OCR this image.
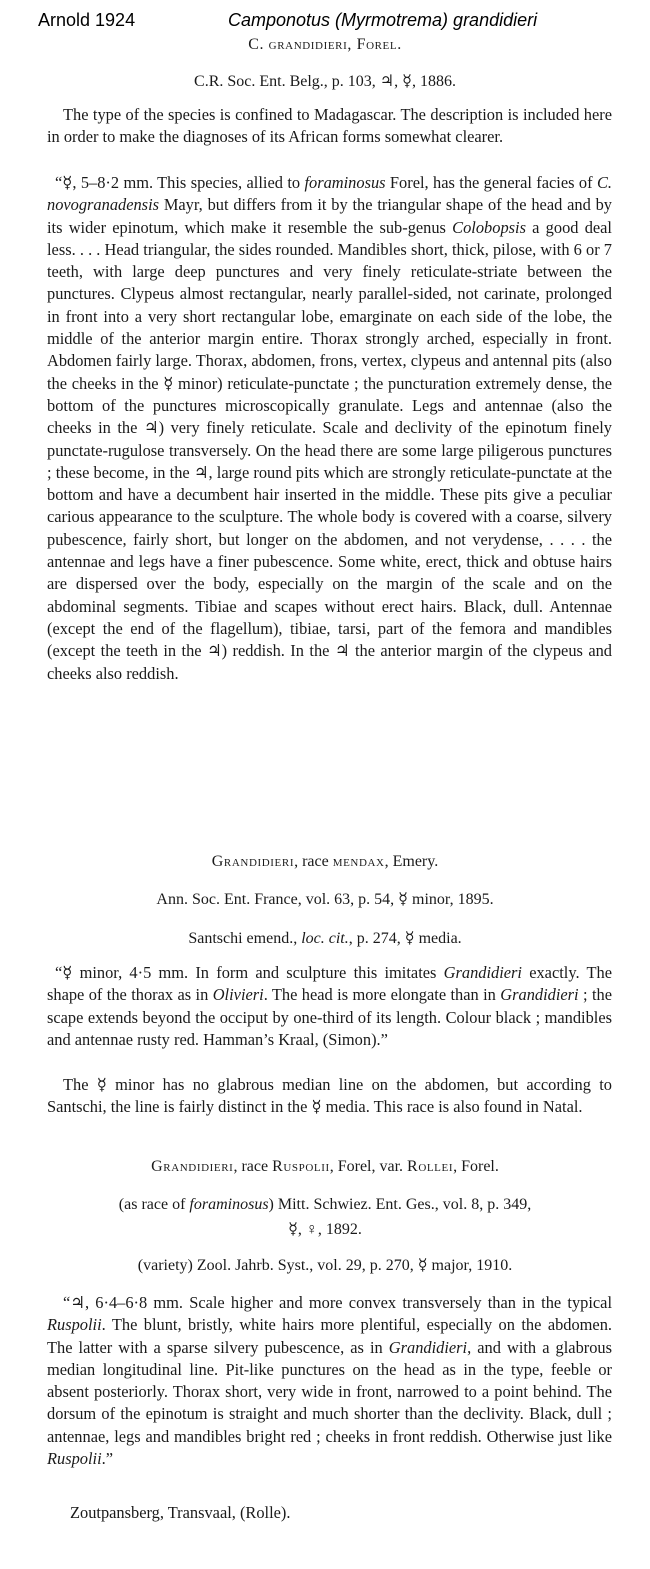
Arnold 1924	Camponotus (Myrmotrema) grandidieri
C. grandidieri, Forel.
C.R. Soc. Ent. Belg., p. 103, ♃, ☿, 1886.
The type of the species is confined to Madagascar. The description is included here in order to make the diagnoses of its African forms somewhat clearer.
“☿, 5–8·2 mm. This species, allied to foraminosus Forel, has the general facies of C. novogranadensis Mayr, but differs from it by the triangular shape of the head and by its wider epinotum, which make it resemble the sub-genus Colobopsis a good deal less. . . . Head triangular, the sides rounded. Mandibles short, thick, pilose, with 6 or 7 teeth, with large deep punctures and very finely reticulate-striate between the punctures. Clypeus almost rectangular, nearly parallel-sided, not carinate, prolonged in front into a very short rectangular lobe, emarginate on each side of the lobe, the middle of the anterior margin entire. Thorax strongly arched, especially in front. Abdomen fairly large. Thorax, abdomen, frons, vertex, clypeus and antennal pits (also the cheeks in the ☿ minor) reticulate-punctate ; the puncturation extremely dense, the bottom of the punctures microscopically granulate. Legs and antennae (also the cheeks in the ♃) very finely reticulate. Scale and declivity of the epinotum finely punctate-rugulose transversely. On the head there are some large piligerous punctures ; these become, in the ♃, large round pits which are strongly reticulate-punctate at the bottom and have a decumbent hair inserted in the middle. These pits give a peculiar carious appearance to the sculpture. The whole body is covered with a coarse, silvery pubescence, fairly short, but longer on the abdomen, and not verydense, . . . . the antennae and legs have a finer pubescence. Some white, erect, thick and obtuse hairs are dispersed over the body, especially on the margin of the scale and on the abdominal segments. Tibiae and scapes without erect hairs. Black, dull. Antennae (except the end of the flagellum), tibiae, tarsi, part of the femora and mandibles (except the teeth in the ♃) reddish. In the ♃ the anterior margin of the clypeus and cheeks also reddish.
Grandidieri, race mendax, Emery.
Ann. Soc. Ent. France, vol. 63, p. 54, ☿ minor, 1895.
Santschi emend., loc. cit., p. 274, ☿ media.
“☿ minor, 4·5 mm. In form and sculpture this imitates Grandidieri exactly. The shape of the thorax as in Olivieri. The head is more elongate than in Grandidieri ; the scape extends beyond the occiput by one-third of its length. Colour black ; mandibles and antennae rusty red. Hamman’s Kraal, (Simon).”
The ☿ minor has no glabrous median line on the abdomen, but according to Santschi, the line is fairly distinct in the ☿ media. This race is also found in Natal.
Grandidieri, race Ruspolii, Forel, var. Rollei, Forel.
(as race of foraminosus) Mitt. Schwiez. Ent. Ges., vol. 8, p. 349,
☿, ♀, 1892.
(variety) Zool. Jahrb. Syst., vol. 29, p. 270, ☿ major, 1910.
“♃, 6·4–6·8 mm. Scale higher and more convex transversely than in the typical Ruspolii. The blunt, bristly, white hairs more plentiful, especially on the abdomen. The latter with a sparse silvery pubescence, as in Grandidieri, and with a glabrous median longitudinal line. Pit-like punctures on the head as in the type, feeble or absent posteriorly. Thorax short, very wide in front, narrowed to a point behind. The dorsum of the epinotum is straight and much shorter than the declivity. Black, dull ; antennae, legs and mandibles bright red ; cheeks in front reddish. Otherwise just like Ruspolii.”
Zoutpansberg, Transvaal, (Rolle).
